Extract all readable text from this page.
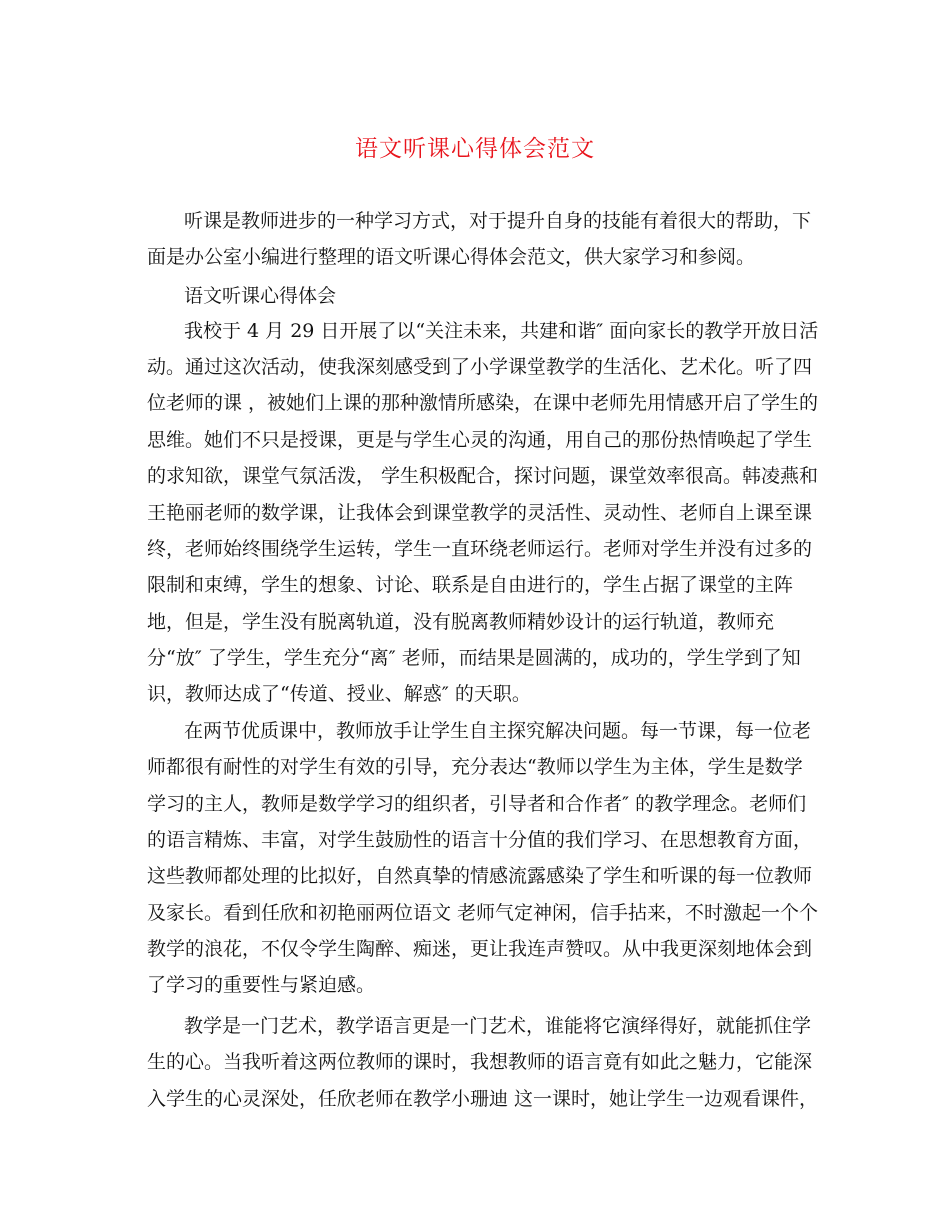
语文听课心得体会范文
听课是教师进步的一种学习方式，对于提升自身的技能有着很大的帮助，下
面是办公室小编进行整理的语文听课心得体会范文，供大家学习和参阅。
语文听课心得体会
我校于 4 月 29 日开展了以“关注未来，共建和谐″ 面向家长的教学开放日活
动。通过这次活动，使我深刻感受到了小学课堂教学的生活化、艺术化。听了四
位老师的课 ，被她们上课的那种激情所感染，在课中老师先用情感开启了学生的
思维。她们不只是授课，更是与学生心灵的沟通，用自己的那份热情唤起了学生
的求知欲，课堂气氛活泼， 学生积极配合，探讨问题，课堂效率很高。韩凌燕和
王艳丽老师的数学课，让我体会到课堂教学的灵活性、灵动性、老师自上课至课
终，老师始终围绕学生运转，学生一直环绕老师运行。老师对学生并没有过多的
限制和束缚，学生的想象、讨论、联系是自由进行的，学生占据了课堂的主阵
地，但是，学生没有脱离轨道，没有脱离教师精妙设计的运行轨道，教师充
分“放″ 了学生，学生充分“离″ 老师，而结果是圆满的，成功的，学生学到了知
识，教师达成了“传道、授业、解惑″ 的天职。
在两节优质课中，教师放手让学生自主探究解决问题。每一节课，每一位老
师都很有耐性的对学生有效的引导，充分表达“教师以学生为主体，学生是数学
学习的主人，教师是数学学习的组织者，引导者和合作者″ 的教学理念。老师们
的语言精炼、丰富，对学生鼓励性的语言十分值的我们学习、在思想教育方面，
这些教师都处理的比拟好，自然真挚的情感流露感染了学生和听课的每一位教师
及家长。看到任欣和初艳丽两位语文 老师气定神闲，信手拈来，不时激起一个个
教学的浪花，不仅令学生陶醉、痴迷，更让我连声赞叹。从中我更深刻地体会到
了学习的重要性与紧迫感。
教学是一门艺术，教学语言更是一门艺术，谁能将它演绎得好，就能抓住学
生的心。当我听着这两位教师的课时，我想教师的语言竟有如此之魅力，它能深
入学生的心灵深处，任欣老师在教学小珊迪 这一课时，她让学生一边观看课件，
